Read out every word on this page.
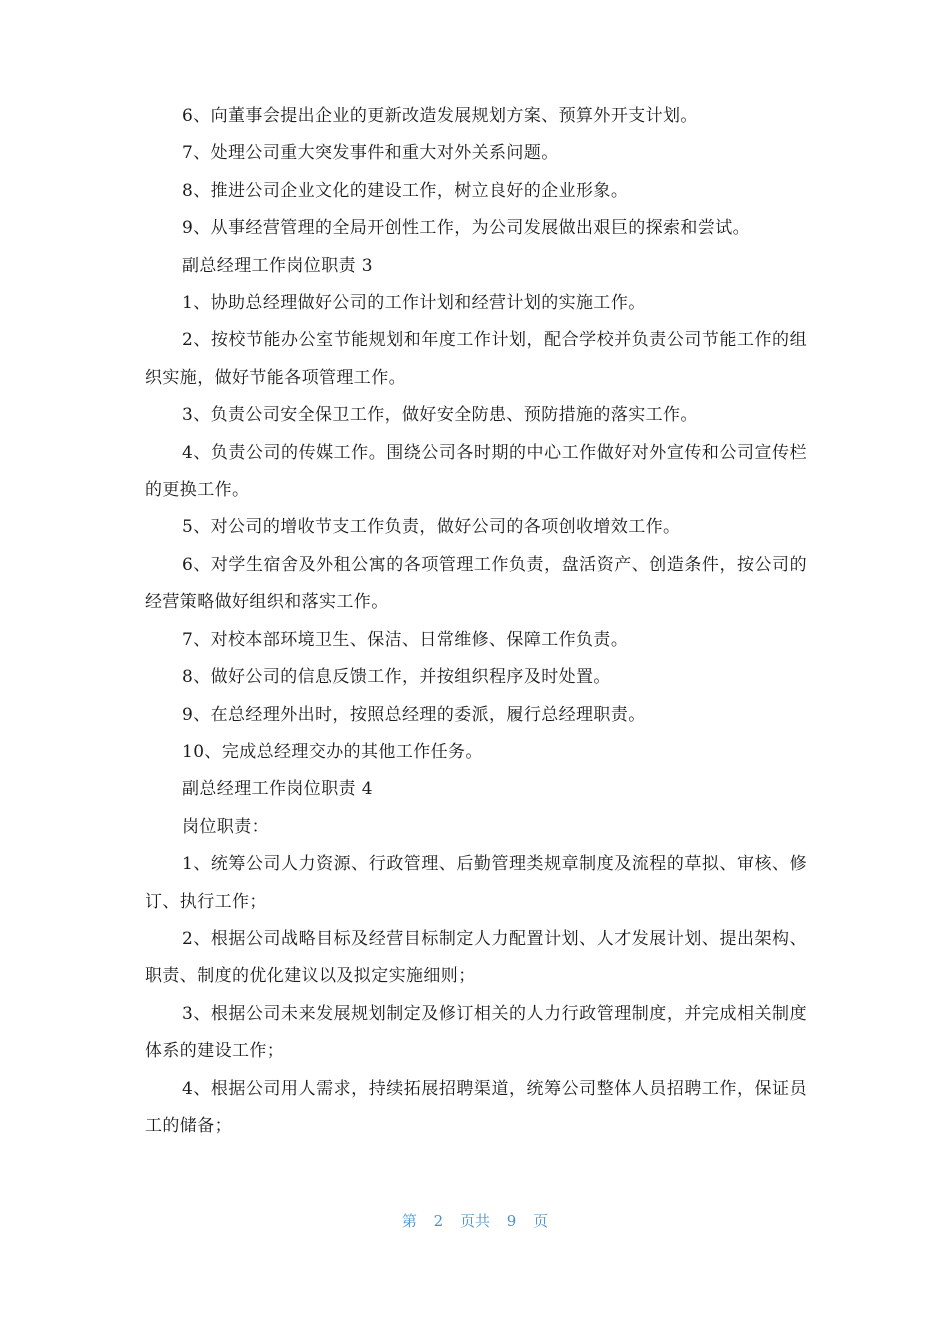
6、向董事会提出企业的更新改造发展规划方案、预算外开支计划。

7、处理公司重大突发事件和重大对外关系问题。

8、推进公司企业文化的建设工作，树立良好的企业形象。

9、从事经营管理的全局开创性工作，为公司发展做出艰巨的探索和尝试。

副总经理工作岗位职责 3

1、协助总经理做好公司的工作计划和经营计划的实施工作。

2、按校节能办公室节能规划和年度工作计划，配合学校并负责公司节能工作的组织实施，做好节能各项管理工作。

3、负责公司安全保卫工作，做好安全防患、预防措施的落实工作。

4、负责公司的传媒工作。围绕公司各时期的中心工作做好对外宣传和公司宣传栏的更换工作。

5、对公司的增收节支工作负责，做好公司的各项创收增效工作。

6、对学生宿舍及外租公寓的各项管理工作负责，盘活资产、创造条件，按公司的经营策略做好组织和落实工作。

7、对校本部环境卫生、保洁、日常维修、保障工作负责。

8、做好公司的信息反馈工作，并按组织程序及时处置。

9、在总经理外出时，按照总经理的委派，履行总经理职责。

10、完成总经理交办的其他工作任务。

副总经理工作岗位职责 4

岗位职责：

1、统筹公司人力资源、行政管理、后勤管理类规章制度及流程的草拟、审核、修订、执行工作；

2、根据公司战略目标及经营目标制定人力配置计划、人才发展计划、提出架构、职责、制度的优化建议以及拟定实施细则；

3、根据公司未来发展规划制定及修订相关的人力行政管理制度，并完成相关制度体系的建设工作；

4、根据公司用人需求，持续拓展招聘渠道，统筹公司整体人员招聘工作，保证员工的储备；

第 2 页共 9 页
